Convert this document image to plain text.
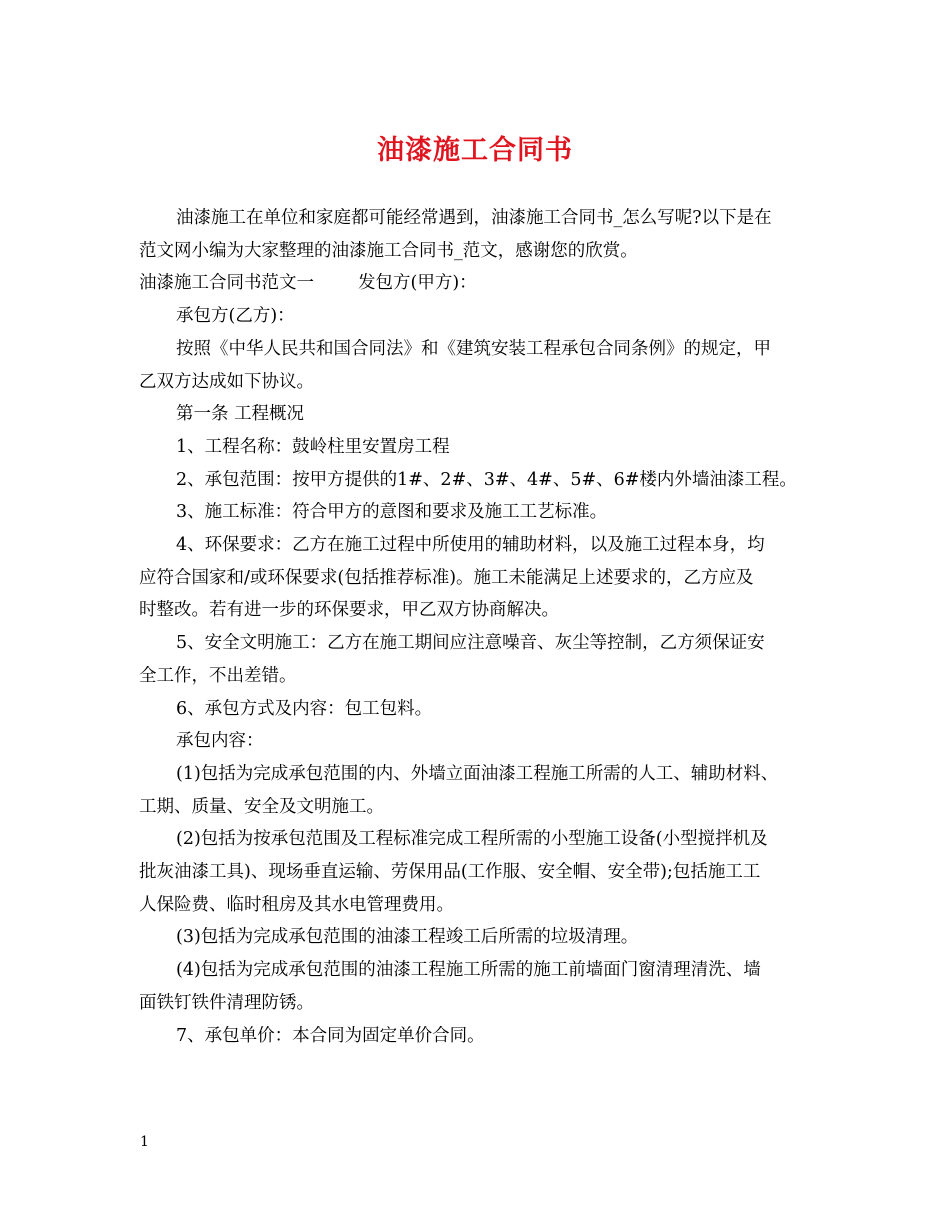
油漆施工合同书

油漆施工在单位和家庭都可能经常遇到，油漆施工合同书_怎么写呢?以下是在

范文网小编为大家整理的油漆施工合同书_范文，感谢您的欣赏。

油漆施工合同书范文一	发包方(甲方)：

承包方(乙方)：

按照《中华人民共和国合同法》和《建筑安装工程承包合同条例》的规定，甲

乙双方达成如下协议。

第一条 工程概况

1、工程名称：鼓岭柱里安置房工程

2、承包范围：按甲方提供的1#、2#、3#、4#、5#、6#楼内外墙油漆工程。

3、施工标准：符合甲方的意图和要求及施工工艺标准。

4、环保要求：乙方在施工过程中所使用的辅助材料，以及施工过程本身，均

应符合国家和/或环保要求(包括推荐标准)。施工未能满足上述要求的，乙方应及

时整改。若有进一步的环保要求，甲乙双方协商解决。

5、安全文明施工：乙方在施工期间应注意噪音、灰尘等控制，乙方须保证安

全工作，不出差错。

6、承包方式及内容：包工包料。

承包内容：

(1)包括为完成承包范围的内、外墙立面油漆工程施工所需的人工、辅助材料、

工期、质量、安全及文明施工。

(2)包括为按承包范围及工程标准完成工程所需的小型施工设备(小型搅拌机及

批灰油漆工具)、现场垂直运输、劳保用品(工作服、安全帽、安全带);包括施工工

人保险费、临时租房及其水电管理费用。

(3)包括为完成承包范围的油漆工程竣工后所需的垃圾清理。

(4)包括为完成承包范围的油漆工程施工所需的施工前墙面门窗清理清洗、墙

面铁钉铁件清理防锈。

7、承包单价：本合同为固定单价合同。

1
